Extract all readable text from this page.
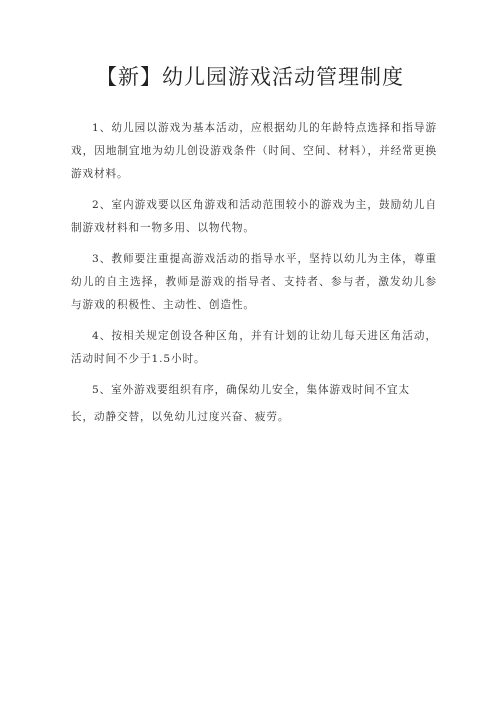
【新】幼儿园游戏活动管理制度

1、幼儿园以游戏为基本活动，应根据幼儿的年龄特点选择和指导游戏，因地制宜地为幼儿创设游戏条件（时间、空间、材料），并经常更换游戏材料。

2、室内游戏要以区角游戏和活动范围较小的游戏为主，鼓励幼儿自制游戏材料和一物多用、以物代物。

3、教师要注重提高游戏活动的指导水平，坚持以幼儿为主体，尊重幼儿的自主选择，教师是游戏的指导者、支持者、参与者，激发幼儿参与游戏的积极性、主动性、创造性。

4、按相关规定创设各种区角，并有计划的让幼儿每天进区角活动，活动时间不少于1.5小时。

5、室外游戏要组织有序，确保幼儿安全，集体游戏时间不宜太

长，动静交替，以免幼儿过度兴奋、疲劳。
